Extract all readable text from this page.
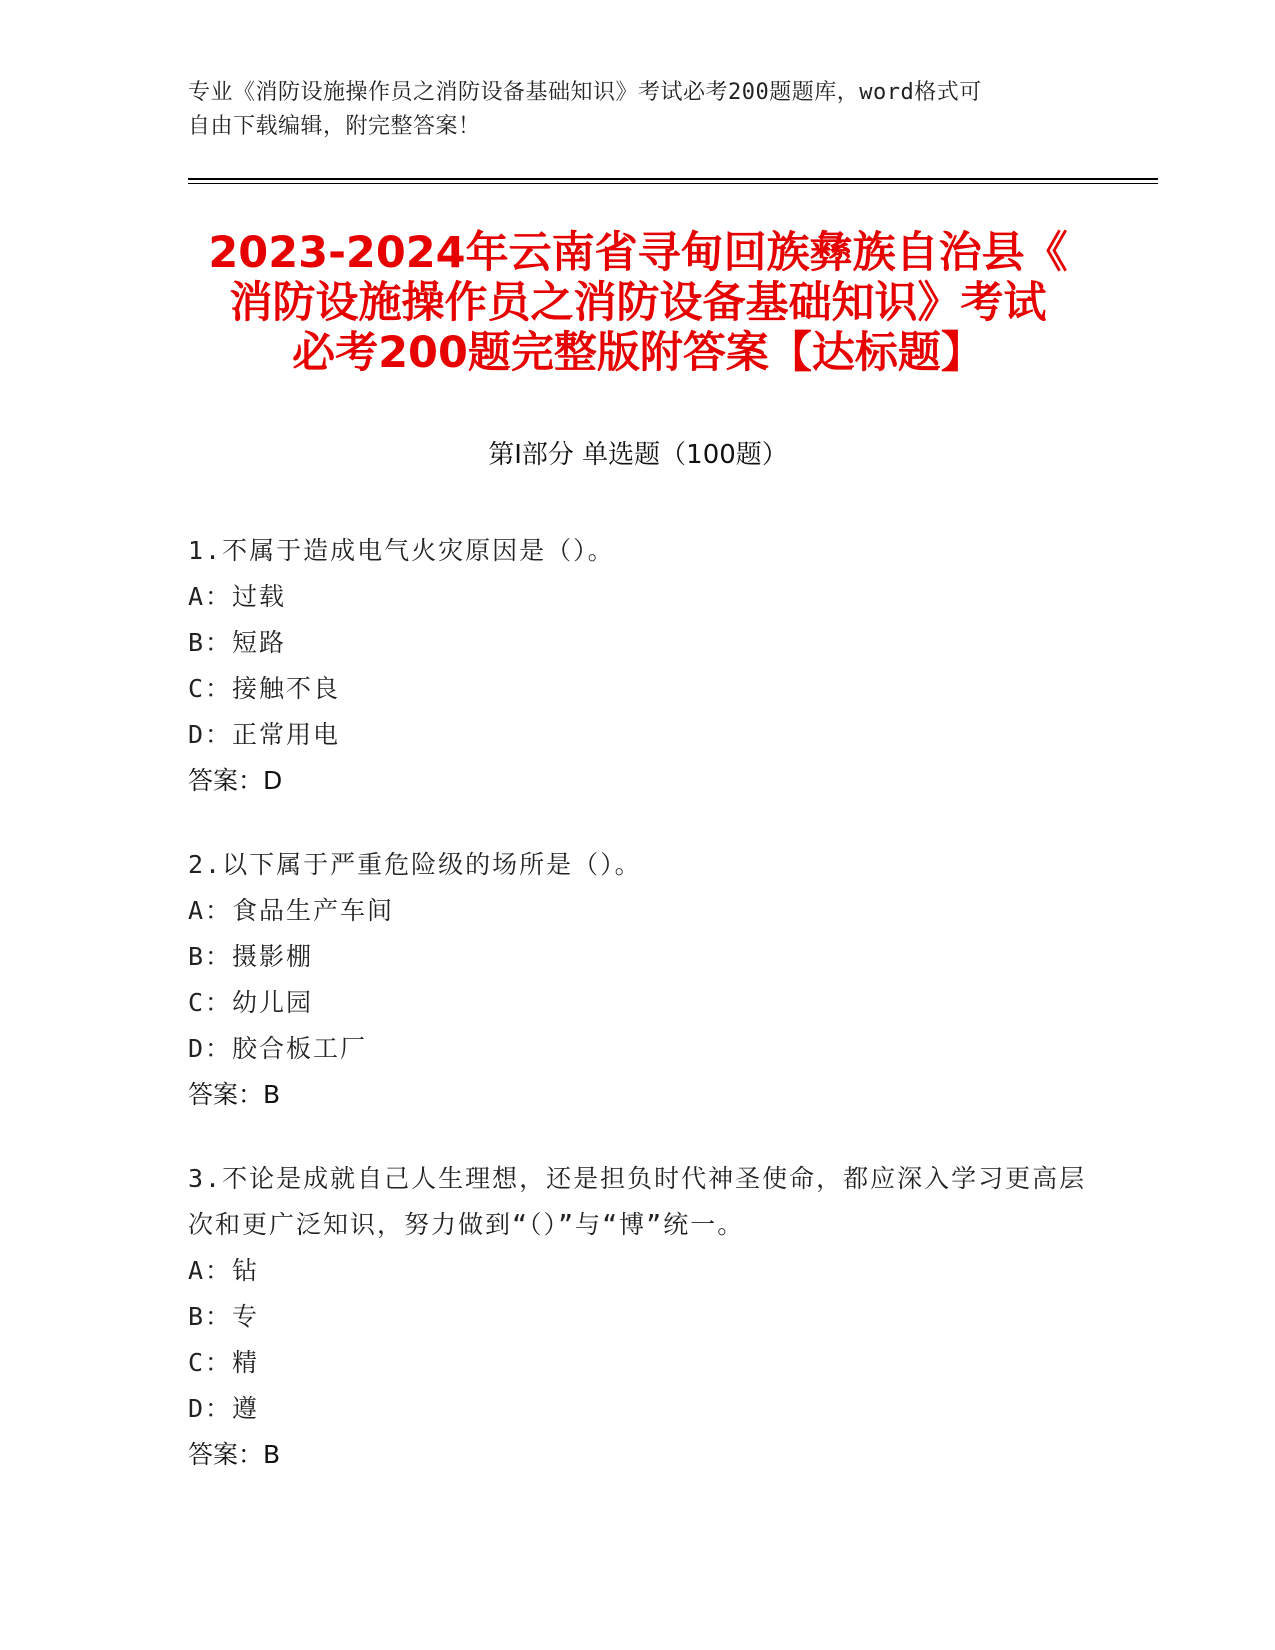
专业《消防设施操作员之消防设备基础知识》考试必考200题题库，word格式可
自由下载编辑，附完整答案！
2023-2024年云南省寻甸回族彝族自治县《
消防设施操作员之消防设备基础知识》考试
必考200题完整版附答案【达标题】
第Ⅰ部分 单选题（100题）

1.不属于造成电气火灾原因是（）。

A： 过载
B： 短路
C： 接触不良
D： 正常用电
答案：D

2.以下属于严重危险级的场所是（）。

A： 食品生产车间
B： 摄影棚
C： 幼儿园
D： 胶合板工厂
答案：B

3.不论是成就自己人生理想，还是担负时代神圣使命，都应深入学习更高层次和更广泛知识，努力做到“（）”与“博”统一。

A： 钻
B： 专
C： 精
D： 遵
答案：B
